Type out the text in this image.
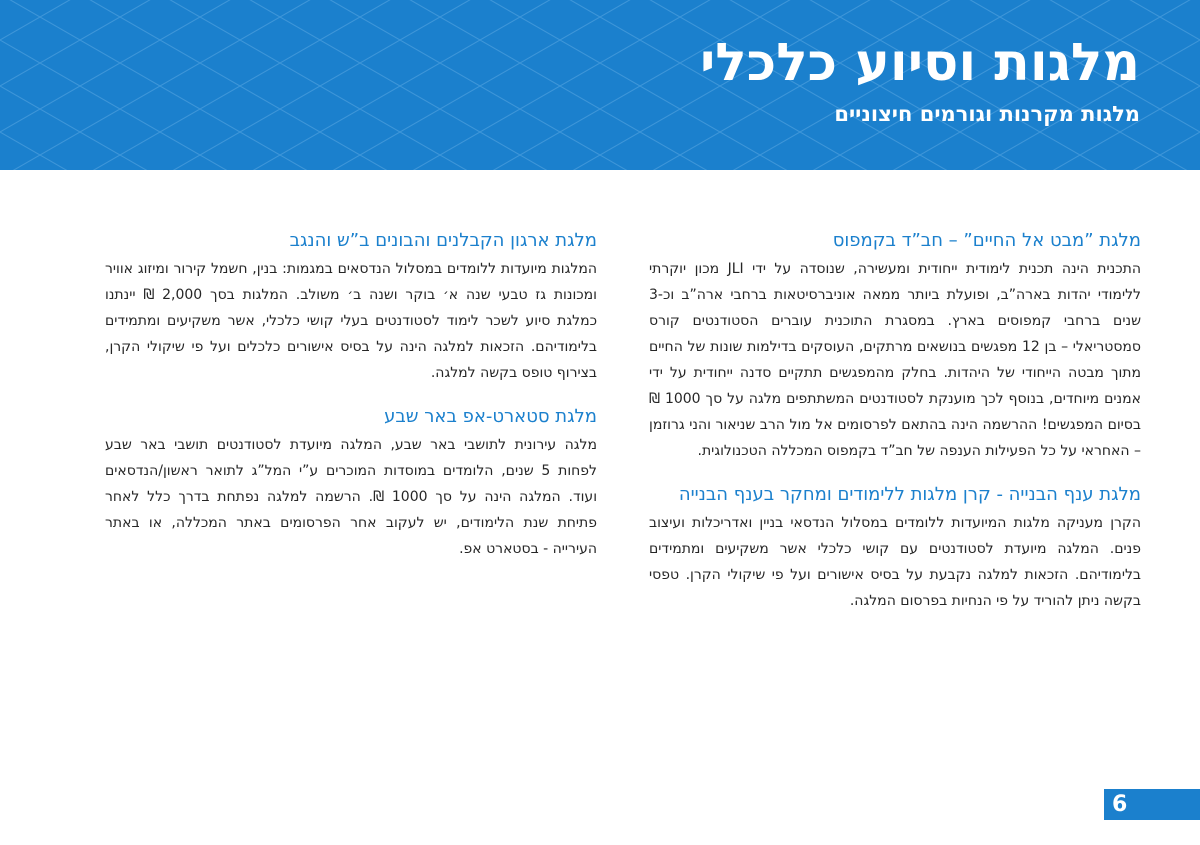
מלגות וסיוע כלכלי
מלגות מקרנות וגורמים חיצוניים
מלגת ”מבט אל החיים” – חב”ד בקמפוס

התכנית הינה תכנית לימודית ייחודית ומעשירה, שנוסדה על ידי JLI מכון יוקרתי ללימודי יהדות בארה”ב, ופועלת ביותר ממאה אוניברסיטאות ברחבי ארה”ב וכ-3 שנים ברחבי קמפוסים בארץ. במסגרת התוכנית עוברים הסטודנטים קורס סמסטריאלי – בן 12 מפגשים בנושאים מרתקים, העוסקים בדילמות שונות של החיים מתוך מבטה הייחודי של היהדות. בחלק מהמפגשים תתקיים סדנה ייחודית על ידי אמנים מיוחדים, בנוסף לכך מוענקת לסטודנטים המשתתפים מלגה על סך 1000 ₪ בסיום המפגשים! ההרשמה הינה בהתאם לפרסומים אל מול הרב שניאור והני גרוזמן – האחראי על כל הפעילות הענפה של חב”ד בקמפוס המכללה הטכנולוגית.

מלגת ענף הבנייה - קרן מלגות ללימודים ומחקר בענף הבנייה

הקרן מעניקה מלגות המיועדות ללומדים במסלול הנדסאי בניין ואדריכלות ועיצוב פנים. המלגה מיועדת לסטודנטים עם קושי כלכלי אשר משקיעים ומתמידים בלימודיהם. הזכאות למלגה נקבעת על בסיס אישורים ועל פי שיקולי הקרן. טפסי בקשה ניתן להוריד על פי הנחיות בפרסום המלגה.

מלגת ארגון הקבלנים והבונים ב”ש והנגב

המלגות מיועדות ללומדים במסלול הנדסאים במגמות: בנין, חשמל קירור ומיזוג אוויר ומכונות גז טבעי שנה א׳ בוקר ושנה ב׳ משולב. המלגות בסך 2,000 ₪ יינתנו כמלגת סיוע לשכר לימוד לסטודנטים בעלי קושי כלכלי, אשר משקיעים ומתמידים בלימודיהם. הזכאות למלגה הינה על בסיס אישורים כלכלים ועל פי שיקולי הקרן, בצירוף טופס בקשה למלגה.

מלגת סטארט-אפ באר שבע

מלגה עירונית לתושבי באר שבע, המלגה מיועדת לסטודנטים תושבי באר שבע לפחות 5 שנים, הלומדים במוסדות המוכרים ע”י המל”ג לתואר ראשון/הנדסאים ועוד. המלגה הינה על סך 1000 ₪. הרשמה למלגה נפתחת בדרך כלל לאחר פתיחת שנת הלימודים, יש לעקוב אחר הפרסומים באתר המכללה, או באתר העירייה - בסטארט אפ.

6
